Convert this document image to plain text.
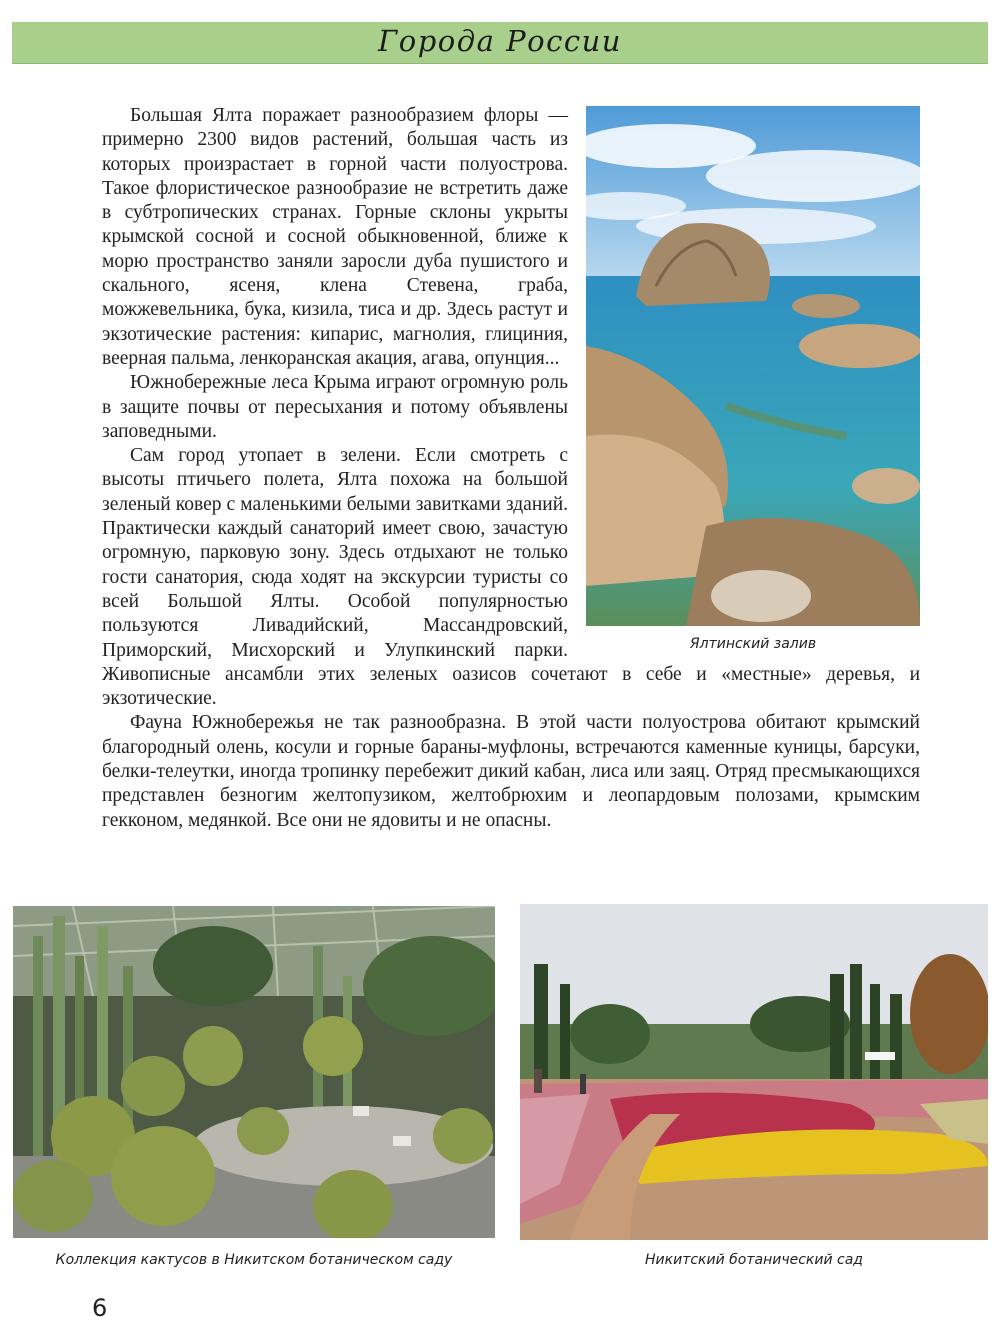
Города России
Ялтинский залив

Большая Ялта поражает разнообразием флоры — примерно 2300 видов растений, большая часть из которых произрастает в горной части полуострова. Такое флористическое разнообразие не встретить даже в субтропических странах. Горные склоны укрыты крымской сосной и сосной обыкновенной, ближе к морю пространство заняли заросли дуба пушистого и скального, ясеня, клена Стевена, граба, можжевельника, бука, кизила, тиса и др. Здесь растут и экзотические растения: кипарис, магнолия, глициния, веерная пальма, ленкоранская акация, агава, опунция...

Южнобережные леса Крыма играют огромную роль в защите почвы от пересыхания и потому объявлены заповедными.

Сам город утопает в зелени. Если смотреть с высоты птичьего полета, Ялта похожа на большой зеленый ковер с маленькими белыми завитками зданий. Практически каждый санаторий имеет свою, зачастую огромную, парковую зону. Здесь отдыхают не только гости санатория, сюда ходят на экскурсии туристы со всей Большой Ялты. Особой популярностью пользуются Ливадийский, Массандровский, Приморский, Мисхорский и Улупкинский парки. Живописные ансамбли этих зеленых оазисов сочетают в себе и «местные» деревья, и экзотические.

Фауна Южнобережья не так разнообразна. В этой части полуострова обитают крымский благородный олень, косули и горные бараны-муфлоны, встречаются каменные куницы, барсуки, белки-телеутки, иногда тропинку перебежит дикий кабан, лиса или заяц. Отряд пресмыкающихся представлен безногим желтопузиком, желтобрюхим и леопардовым полозами, крымским гекконом, медянкой. Все они не ядовиты и не опасны.

Коллекция кактусов в Никитском ботаническом саду	Никитский ботанический сад
6
